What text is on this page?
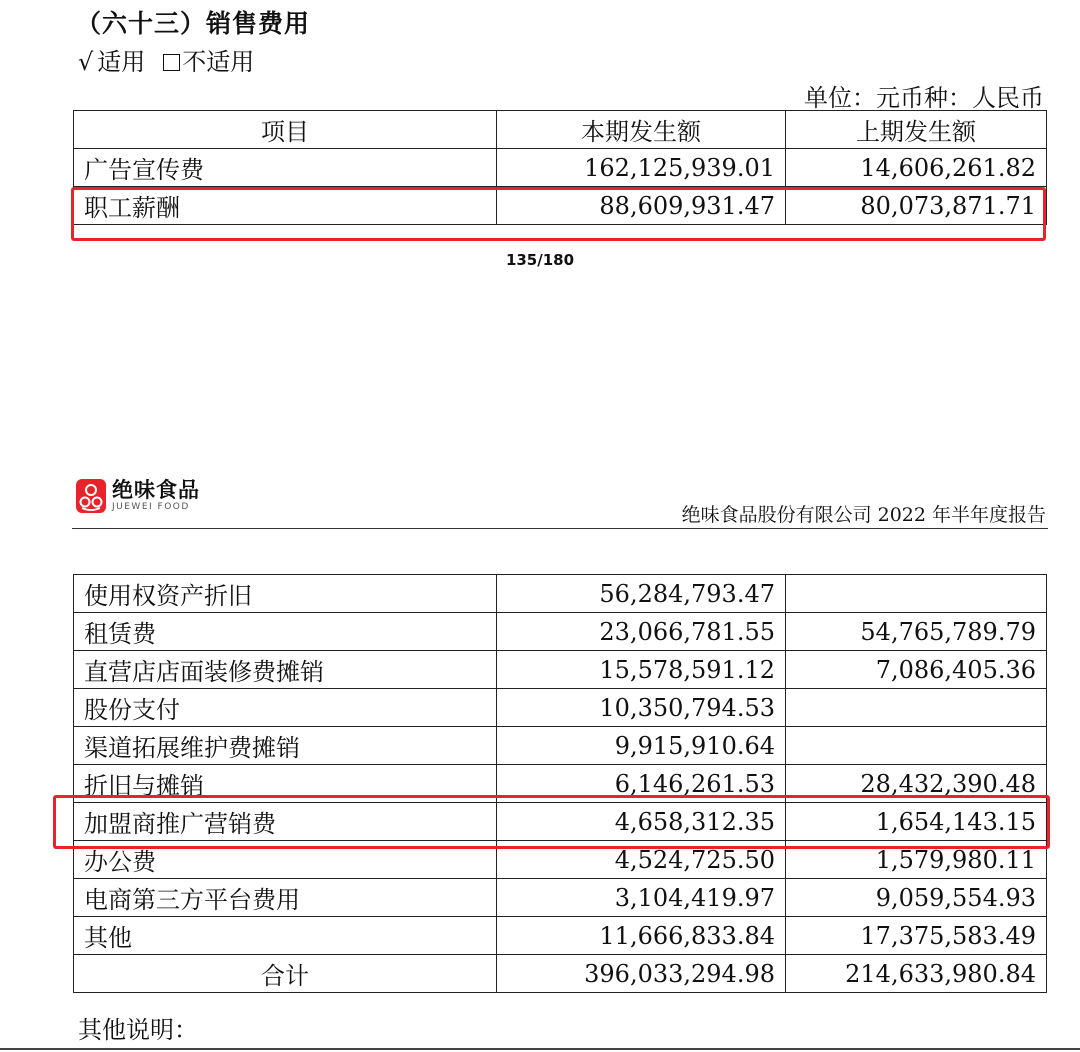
（六十三）销售费用
√ 适用 不适用
单位：元币种：人民币
项目	本期发生额	上期发生额
广告宣传费	162,125,939.01	14,606,261.82
职工薪酬	88,609,931.47	80,073,871.71
135/180
绝味食品
JUEWEI FOOD	绝味食品股份有限公司 2022 年半年度报告
使用权资产折旧	56,284,793.47	
租赁费	23,066,781.55	54,765,789.79
直营店店面装修费摊销	15,578,591.12	7,086,405.36
股份支付	10,350,794.53	
渠道拓展维护费摊销	9,915,910.64	
折旧与摊销	6,146,261.53	28,432,390.48
加盟商推广营销费	4,658,312.35	1,654,143.15
办公费	4,524,725.50	1,579,980.11
电商第三方平台费用	3,104,419.97	9,059,554.93
其他	11,666,833.84	17,375,583.49
合计	396,033,294.98	214,633,980.84
其他说明：
